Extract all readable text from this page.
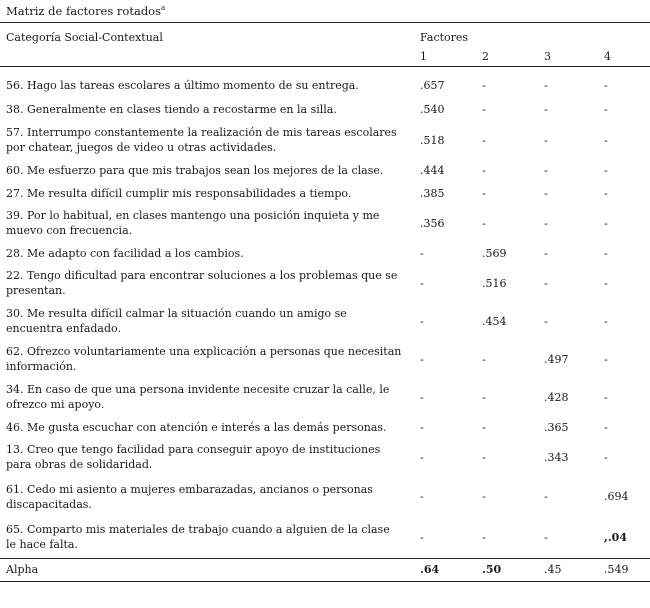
Matriz de factores rotados$^a$
Categoría Social-Contextual	Factores			
	1	2	3	4
56. Hago las tareas escolares a último momento de su entrega.	.657	-	-	-
38. Generalmente en clases tiendo a recostarme en la silla.	.540	-	-	-
57. Interrumpo constantemente la realización de mis tareas escolares por chatear, juegos de video u otras actividades.	.518	-	-	-
60. Me esfuerzo para que mis trabajos sean los mejores de la clase.	.444	-	-	-
27. Me resulta difícil cumplir mis responsabilidades a tiempo.	.385	-	-	-
39. Por lo habitual, en clases mantengo una posición inquieta y me muevo con frecuencia.	.356	-	-	-
28. Me adapto con facilidad a los cambios.	-	.569	-	-
22. Tengo dificultad para encontrar soluciones a los problemas que se presentan.	-	.516	-	-
30. Me resulta difícil calmar la situación cuando un amigo se encuentra enfadado.	-	.454	-	-
62. Ofrezco voluntariamente una explicación a personas que necesitan información.	-	-	.497	-
34. En caso de que una persona invidente necesite cruzar la calle, le ofrezco mi apoyo.	-	-	.428	-
46. Me gusta escuchar con atención e interés a las demás personas.	-	-	.365	-
13. Creo que tengo facilidad para conseguir apoyo de instituciones para obras de solidaridad.	-	-	.343	-
61. Cedo mi asiento a mujeres embarazadas, ancianos o personas discapacitadas.	-	-	-	.694
65. Comparto mis materiales de trabajo cuando a alguien de la clase le hace falta.	-	-	-	,.04
Alpha	.64	.50	.45	.549
